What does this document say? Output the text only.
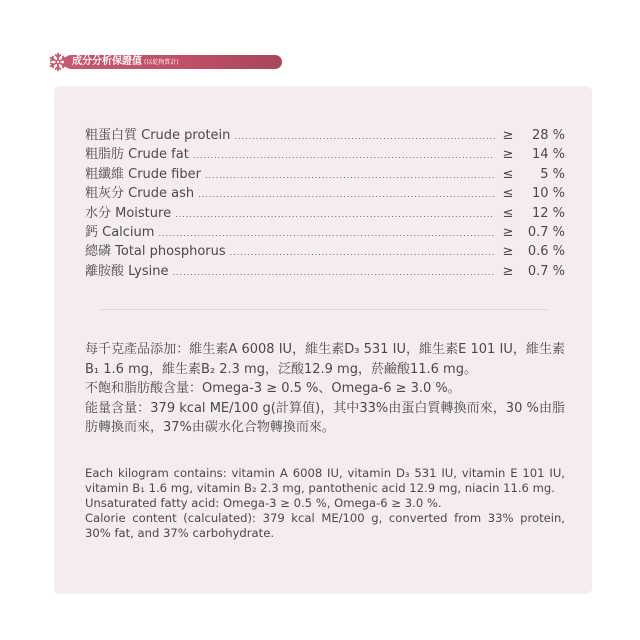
成分分析保證值 (以乾物質計)
粗蛋白質 Crude protein .....	≥	28 %
粗脂肪 Crude fat .....	≥	14 %
粗纖維 Crude fiber .....	≤	5 %
粗灰分 Crude ash .....	≤	10 %
水分 Moisture .....	≤	12 %
鈣 Calcium .....	≥	0.7 %
總磷 Total phosphorus .....	≥	0.6 %
離胺酸 Lysine .....	≥	0.7 %

每千克產品添加：維生素A 6008 IU，維生素D₃ 531 IU，維生素E 101 IU，維生素B₁ 1.6 mg，維生素B₂ 2.3 mg，泛酸12.9 mg，菸鹼酸11.6 mg。

不飽和脂肪酸含量：Omega-3 ≥ 0.5 %、Omega-6 ≥ 3.0 %。

能量含量：379 kcal ME/100 g(計算值)，其中33%由蛋白質轉換而來，30 %由脂肪轉換而來，37%由碳水化合物轉換而來。

Each kilogram contains: vitamin A 6008 IU, vitamin D₃ 531 IU, vitamin E 101 IU, vitamin B₁ 1.6 mg, vitamin B₂ 2.3 mg, pantothenic acid 12.9 mg, niacin 11.6 mg.

Unsaturated fatty acid: Omega-3 ≥ 0.5 %, Omega-6 ≥ 3.0 %.

Calorie content (calculated): 379 kcal ME/100 g, converted from 33% protein, 30% fat, and 37% carbohydrate.
